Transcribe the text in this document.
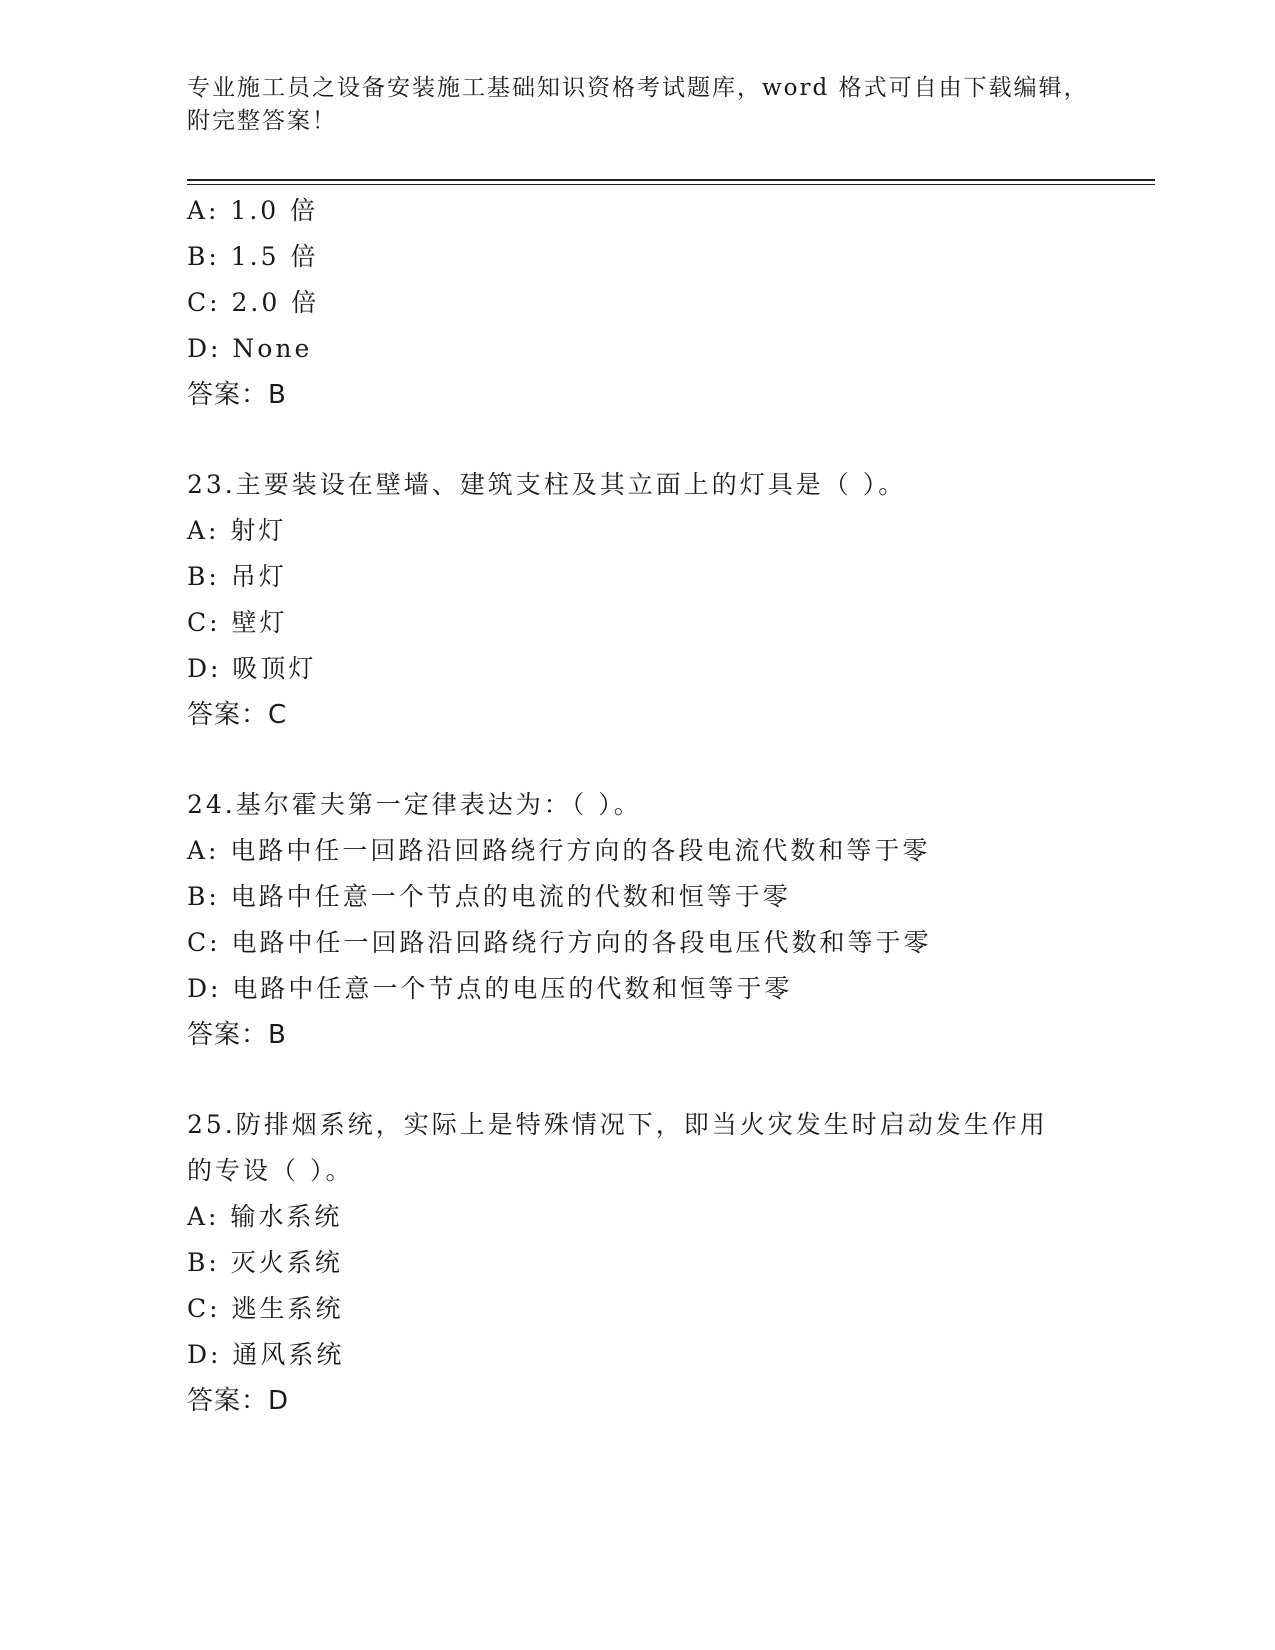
专业施工员之设备安装施工基础知识资格考试题库，word 格式可自由下载编辑，
附完整答案！
A: 1.0 倍
B: 1.5 倍
C: 2.0 倍
D: None
答案：B
23.主要装设在壁墙、建筑支柱及其立面上的灯具是（ ）。
A: 射灯
B: 吊灯
C: 壁灯
D: 吸顶灯
答案：C
24.基尔霍夫第一定律表达为：（ ）。
A: 电路中任一回路沿回路绕行方向的各段电流代数和等于零
B: 电路中任意一个节点的电流的代数和恒等于零
C: 电路中任一回路沿回路绕行方向的各段电压代数和等于零
D: 电路中任意一个节点的电压的代数和恒等于零
答案：B
25.防排烟系统，实际上是特殊情况下，即当火灾发生时启动发生作用
的专设（ ）。
A: 输水系统
B: 灭火系统
C: 逃生系统
D: 通风系统
答案：D
